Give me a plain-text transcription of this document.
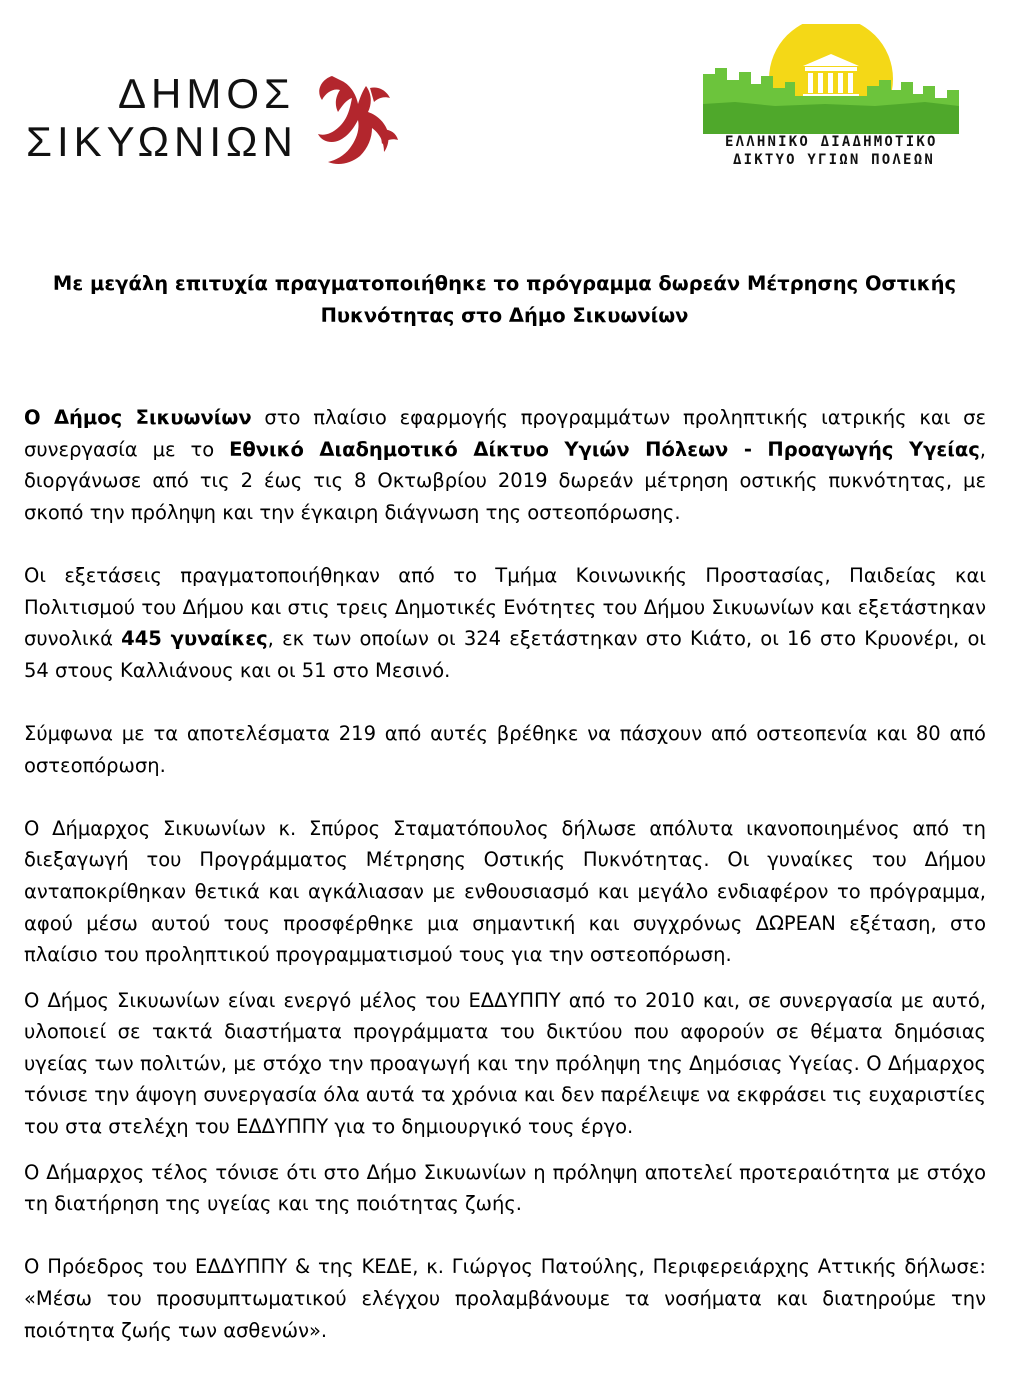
ΔΗΜΟΣ
ΣΙΚΥΩΝΙΩΝ	ΕΛΛΗΝΙΚΟ ΔΙΑΔΗΜΟΤΙΚΟ
ΔΙΚΤΥΟ ΥΓΙΩΝ ΠΟΛΕΩΝ
Με μεγάλη επιτυχία πραγματοποιήθηκε το πρόγραμμα δωρεάν Μέτρησης Οστικής
Πυκνότητας στο Δήμο Σικυωνίων

Ο Δήμος Σικυωνίων στο πλαίσιο εφαρμογής προγραμμάτων προληπτικής ιατρικής και σε συνεργασία με το Εθνικό Διαδημοτικό Δίκτυο Υγιών Πόλεων - Προαγωγής Υγείας, διοργάνωσε από τις 2 έως τις 8 Οκτωβρίου 2019 δωρεάν μέτρηση οστικής πυκνότητας, με σκοπό την πρόληψη και την έγκαιρη διάγνωση της οστεοπόρωσης.

Οι εξετάσεις πραγματοποιήθηκαν από το Τμήμα Κοινωνικής Προστασίας, Παιδείας και Πολιτισμού του Δήμου και στις τρεις Δημοτικές Ενότητες του Δήμου Σικυωνίων και εξετάστηκαν συνολικά 445 γυναίκες, εκ των οποίων οι 324 εξετάστηκαν στο Κιάτο, οι 16 στο Κρυονέρι, οι 54 στους Καλλιάνους και οι 51 στο Μεσινό.

Σύμφωνα με τα αποτελέσματα 219 από αυτές βρέθηκε να πάσχουν από οστεοπενία και 80 από οστεοπόρωση.

Ο Δήμαρχος Σικυωνίων κ. Σπύρος Σταματόπουλος δήλωσε απόλυτα ικανοποιημένος από τη διεξαγωγή του Προγράμματος Μέτρησης Οστικής Πυκνότητας. Οι γυναίκες του Δήμου ανταποκρίθηκαν θετικά και αγκάλιασαν με ενθουσιασμό και μεγάλο ενδιαφέρον το πρόγραμμα, αφού μέσω αυτού τους προσφέρθηκε μια σημαντική και συγχρόνως ΔΩΡΕΑΝ εξέταση, στο πλαίσιο του προληπτικού προγραμματισμού τους για την οστεοπόρωση.

Ο Δήμος Σικυωνίων είναι ενεργό μέλος του ΕΔΔΥΠΠΥ από το 2010 και, σε συνεργασία με αυτό, υλοποιεί σε τακτά διαστήματα προγράμματα του δικτύου που αφορούν σε θέματα δημόσιας υγείας των πολιτών, με στόχο την προαγωγή και την πρόληψη της Δημόσιας Υγείας. Ο Δήμαρχος τόνισε την άψογη συνεργασία όλα αυτά τα χρόνια και δεν παρέλειψε να εκφράσει τις ευχαριστίες του στα στελέχη του ΕΔΔΥΠΠΥ για το δημιουργικό τους έργο.

Ο Δήμαρχος τέλος τόνισε ότι στο Δήμο Σικυωνίων η πρόληψη αποτελεί προτεραιότητα με στόχο τη διατήρηση της υγείας και της ποιότητας ζωής.

Ο Πρόεδρος του ΕΔΔΥΠΠΥ & της ΚΕΔΕ, κ. Γιώργος Πατούλης, Περιφερειάρχης Αττικής δήλωσε: «Μέσω του προσυμπτωματικού ελέγχου προλαμβάνουμε τα νοσήματα και διατηρούμε την ποιότητα ζωής των ασθενών».
